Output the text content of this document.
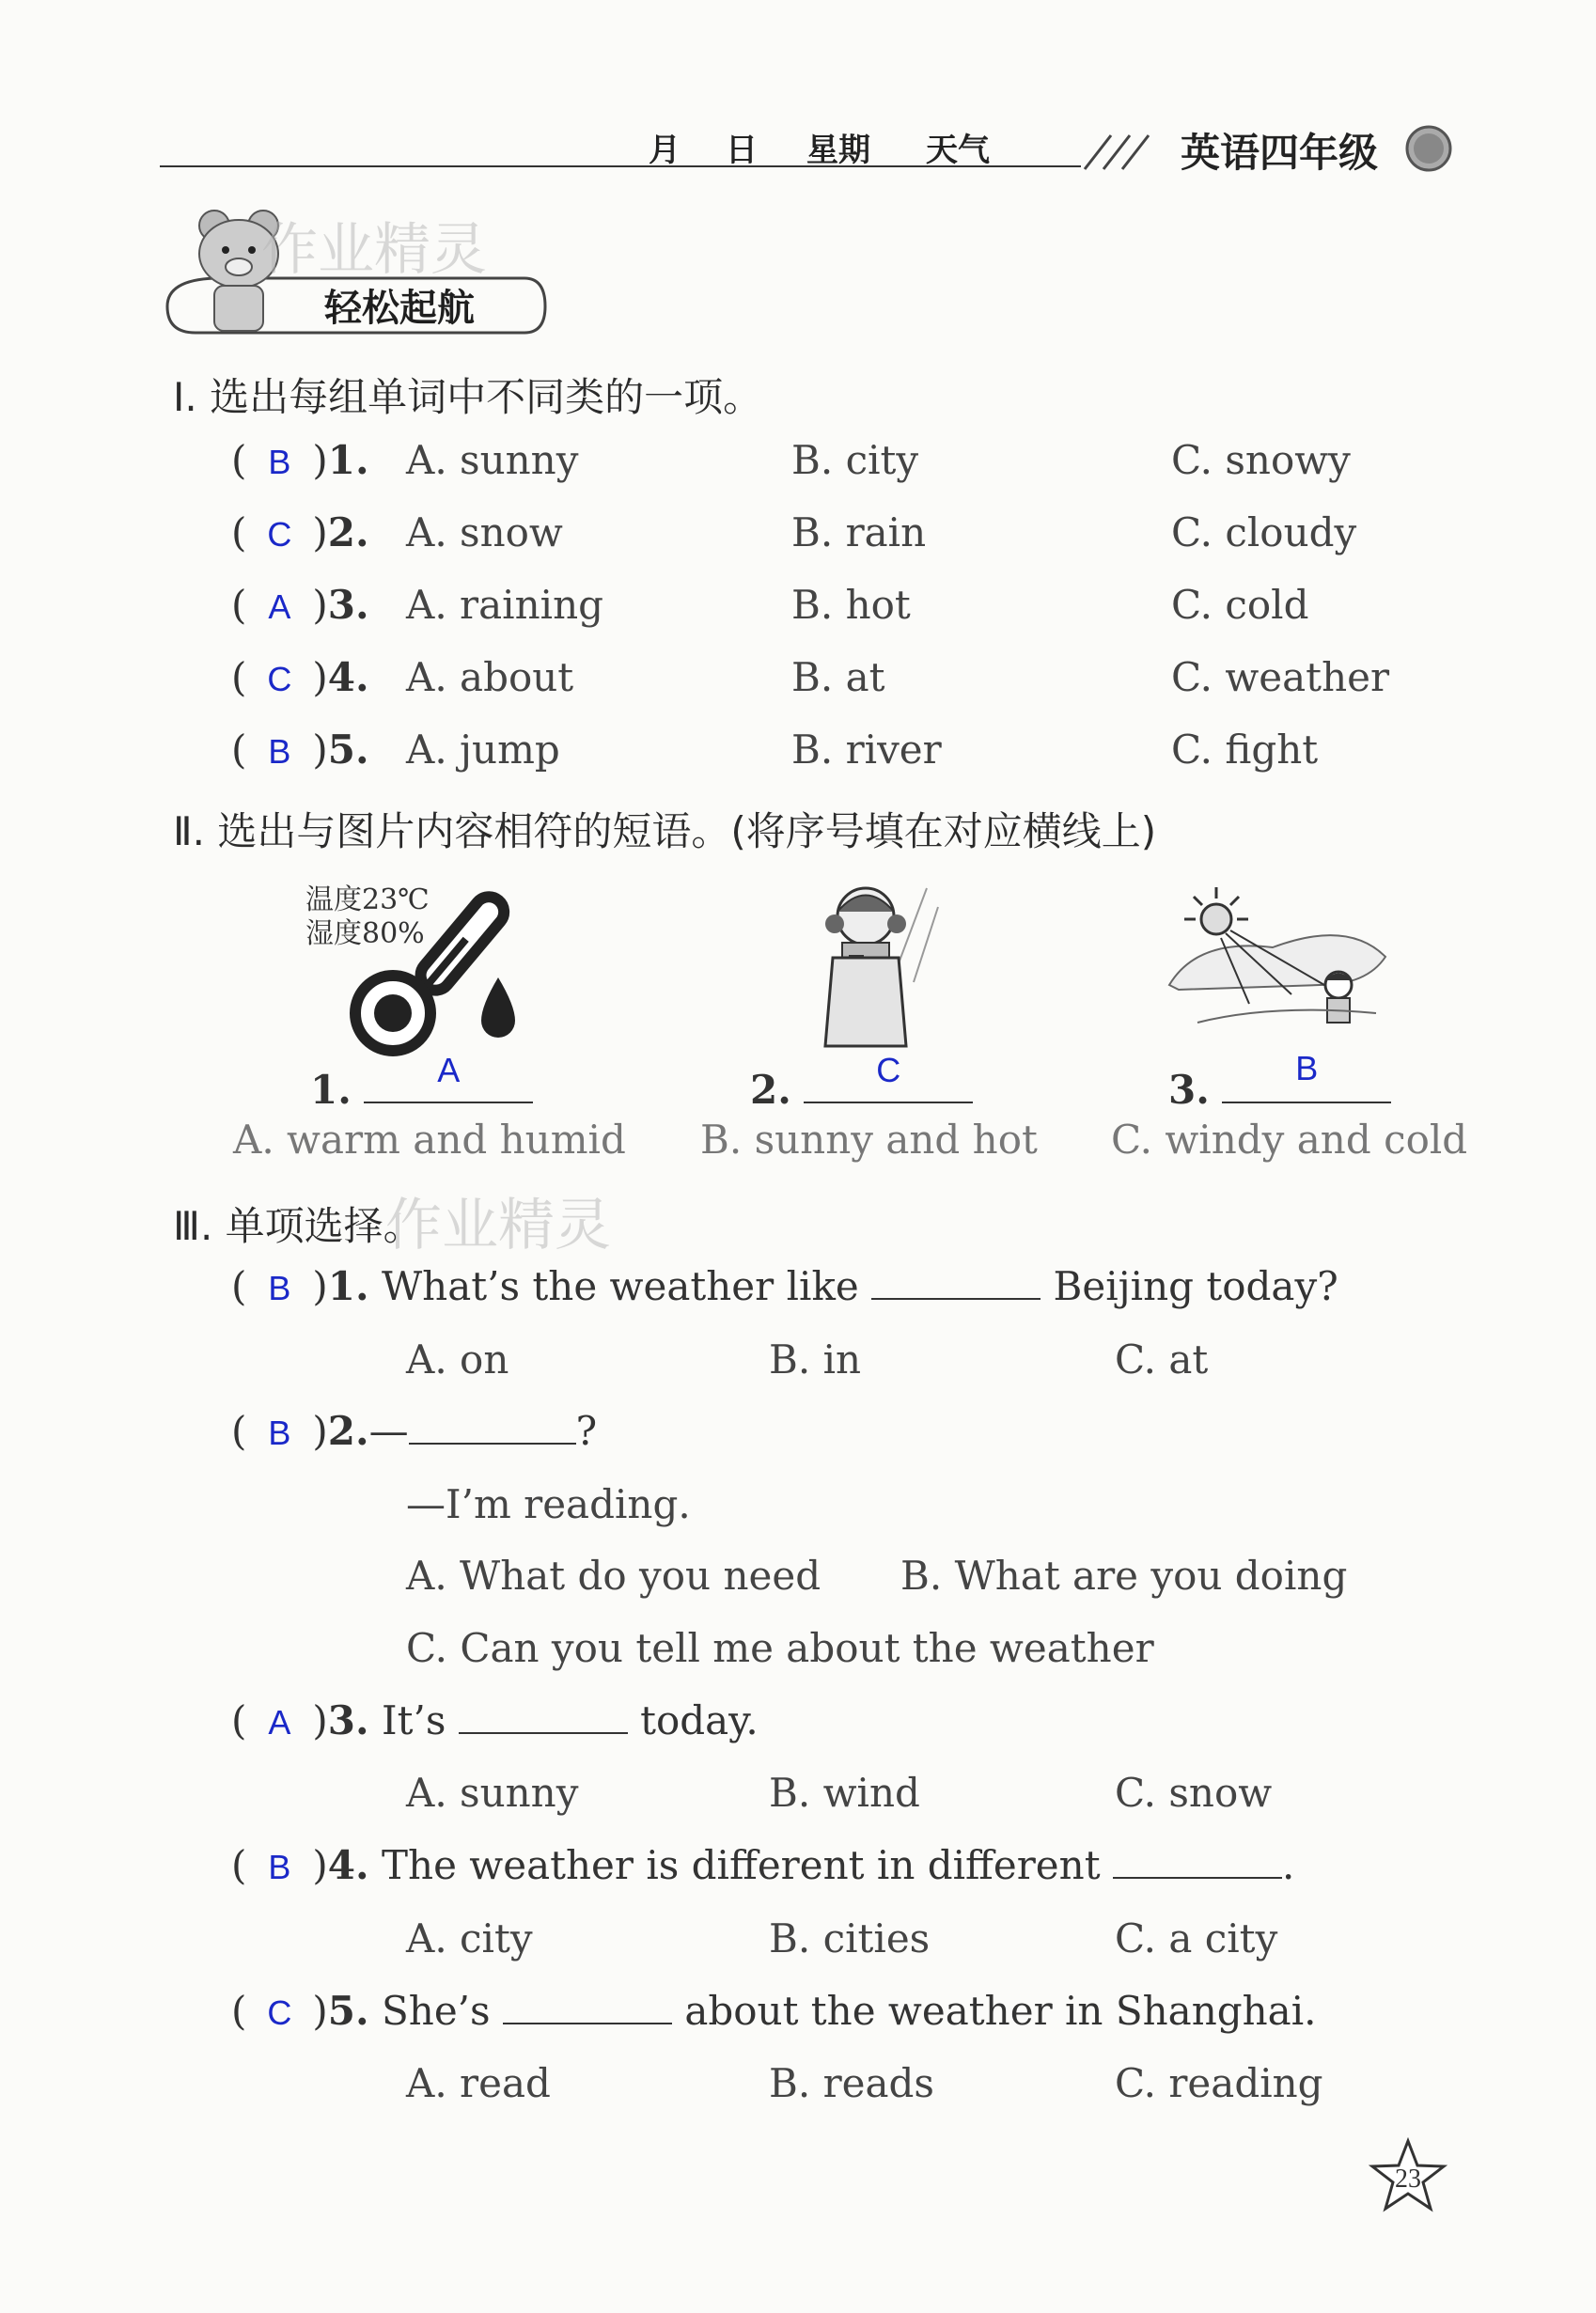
月 日 星期 天气	英语四年级
作业精灵
轻松起航
Ⅰ. 选出每组单词中不同类的一项。
( B )1. A. sunny	B. city	C. snowy
( C )2. A. snow	B. rain	C. cloudy
( A )3. A. raining	B. hot	C. cold
( C )4. A. about	B. at	C. weather
( B )5. A. jump	B. river	C. fight
Ⅱ. 选出与图片内容相符的短语。(将序号填在对应横线上)
温度23℃
湿度80%
1.	A	2.	C	3.	B
A. warm and humid B. sunny and hot C. windy and cold
Ⅲ. 单项选择。
作业精灵
( B )1. What’s the weather like	Beijing today?
A. on	B. in	C. at
( B )2.—	?
—I’m reading.
A. What do you need B. What are you doing
C. Can you tell me about the weather
( A )3. It’s	today.
A. sunny	B. wind	C. snow
( B )4. The weather is different in different	.
A. city	B. cities	C. a city
( C )5. She’s	about the weather in Shanghai.
A. read	B. reads	C. reading
23
